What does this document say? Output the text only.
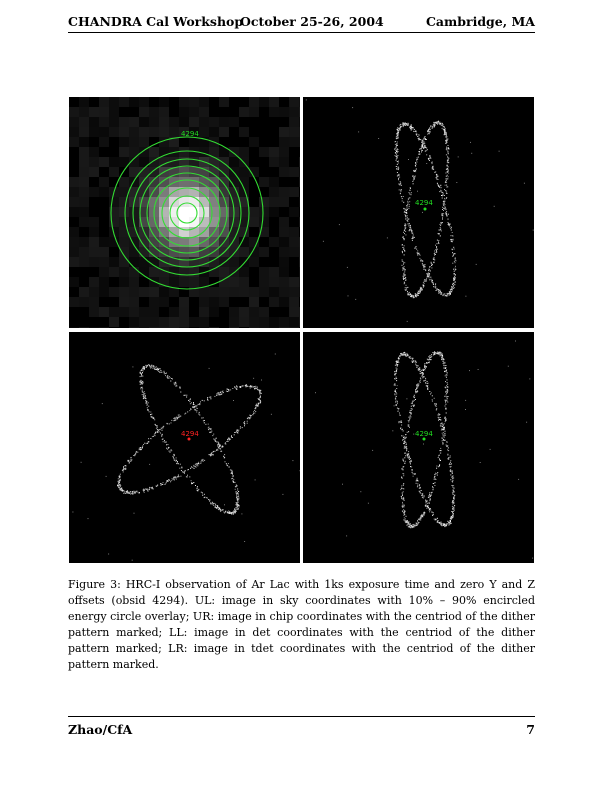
CHANDRA Cal Workshop
October 25-26, 2004	Cambridge, MA
4294
4294
4294	4294
Figure 3: HRC-I observation of Ar Lac with 1ks exposure time and zero Y and Z offsets (obsid 4294). UL: image in sky coordinates with 10% – 90% encircled energy circle overlay; UR: image in chip coordinates with the centriod of the dither pattern marked; LL: image in det coordinates with the centriod of the dither pattern marked; LR: image in tdet coordinates with the centriod of the dither pattern marked.
Zhao/CfA	7
